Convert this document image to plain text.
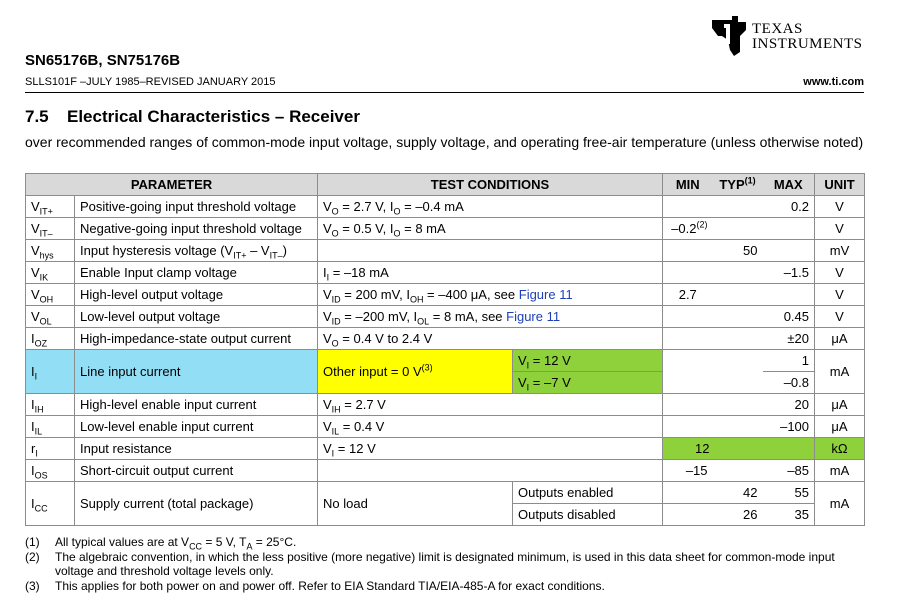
TEXAS
INSTRUMENTS
SN65176B, SN75176B
SLLS101F –JULY 1985–REVISED JANUARY 2015	www.ti.com
7.5 Electrical Characteristics – Receiver
over recommended ranges of common-mode input voltage, supply voltage, and operating free-air temperature (unless otherwise noted)
PARAMETER		TEST CONDITIONS		MIN	TYP$^{(1)}$	MAX	UNIT
$V_{IT+}$	Positive-going input threshold voltage	$V_O = 2.7$ V, $I_O = -0.4$ mA				0.2	V
$V_{IT-}$	Negative-going input threshold voltage	$V_O = 0.5$ V, $I_O = 8$ mA		–0.2$^{(2)}$			V
$V_{hys}$	Input hysteresis voltage $(V_{IT+} - V_{IT-})$				50		mV
$V_{IK}$	Enable Input clamp voltage	$I_I = -18$ mA				–1.5	V
$V_{OH}$	High-level output voltage	$V_{ID} = 200$ mV, $I_{OH} = -400$ μA, see Figure 11		2.7			V
$V_{OL}$	Low-level output voltage	$V_{ID} = -200$ mV, $I_{OL} = 8$ mA, see Figure 11				0.45	V
$I_{OZ}$	High-impedance-state output current	$V_O = 0.4$ V to 2.4 V				±20	μA
$I_I$	Line input current	Other input = 0 $V^{(3)}$	$V_I = 12$ V			1	mA
			$V_I = -7$ V			–0.8	
$I_{IH}$	High-level enable input current	$V_{IH} = 2.7$ V				20	μA
$I_{IL}$	Low-level enable input current	$V_{IL} = 0.4$ V				–100	μA
$r_I$	Input resistance	$V_I = 12$ V		12			kΩ
$I_{OS}$	Short-circuit output current			–15		–85	mA
$I_{CC}$	Supply current (total package)	No load	Outputs enabled		42	55	mA
			Outputs disabled		26	35	
(1)	All typical values are at $V_{CC} = 5$ V, $T_A = 25^\circ C$.
(2)	The algebraic convention, in which the less positive (more negative) limit is designated minimum, is used in this data sheet for common-mode input voltage and threshold voltage levels only.
(3)	This applies for both power on and power off. Refer to EIA Standard TIA/EIA-485-A for exact conditions.
